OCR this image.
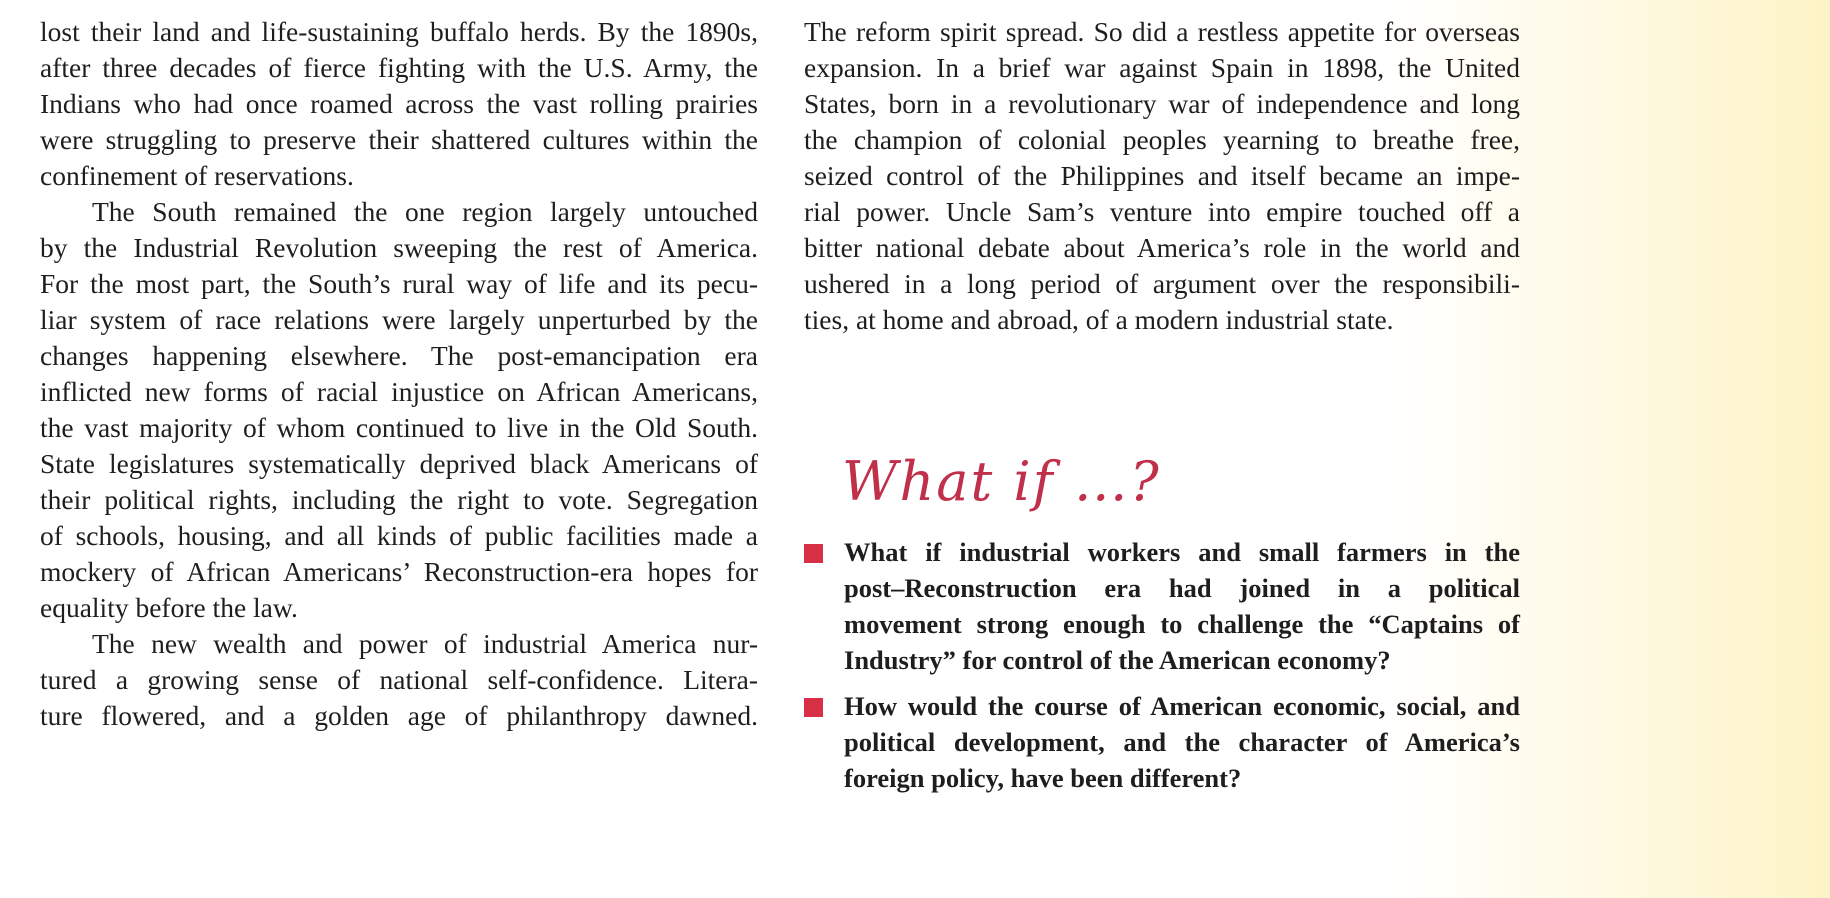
lost their land and life-sustaining buffalo herds. By the 1890s,
after three decades of fierce fighting with the U.S. Army, the
Indians who had once roamed across the vast rolling prairies
were struggling to preserve their shattered cultures within the
confinement of reservations.
The South remained the one region largely untouched
by the Industrial Revolution sweeping the rest of America.
For the most part, the South’s rural way of life and its pecu-
liar system of race relations were largely unperturbed by the
changes happening elsewhere. The post-emancipation era
inflicted new forms of racial injustice on African Americans,
the vast majority of whom continued to live in the Old South.
State legislatures systematically deprived black Americans of
their political rights, including the right to vote. Segregation
of schools, housing, and all kinds of public facilities made a
mockery of African Americans’ Reconstruction-era hopes for
equality before the law.
The new wealth and power of industrial America nur-
tured a growing sense of national self-confidence. Litera-
ture flowered, and a golden age of philanthropy dawned.
The reform spirit spread. So did a restless appetite for overseas
expansion. In a brief war against Spain in 1898, the United
States, born in a revolutionary war of independence and long
the champion of colonial peoples yearning to breathe free,
seized control of the Philippines and itself became an impe-
rial power. Uncle Sam’s venture into empire touched off a
bitter national debate about America’s role in the world and
ushered in a long period of argument over the responsibili-
ties, at home and abroad, of a modern industrial state.
What if …?
What if industrial workers and small farmers in the
post–Reconstruction era had joined in a political
movement strong enough to challenge the “Captains of
Industry” for control of the American economy?
How would the course of American economic, social, and
political development, and the character of America’s
foreign policy, have been different?
